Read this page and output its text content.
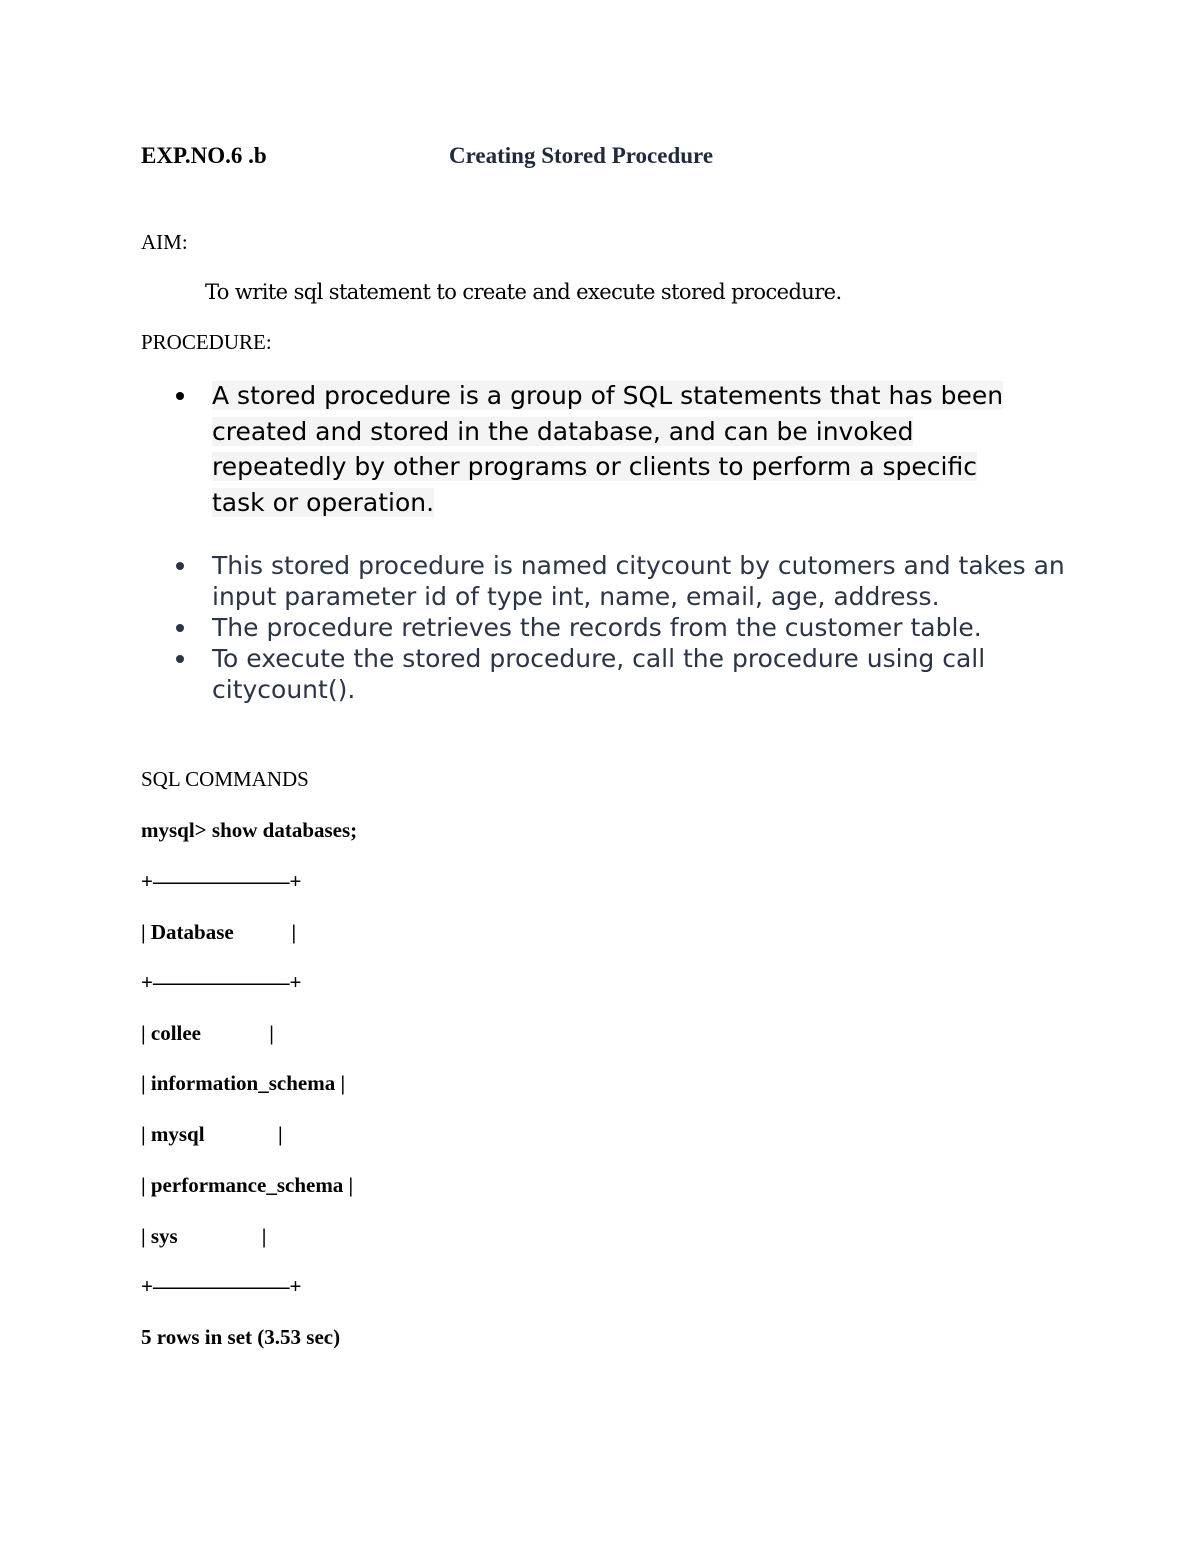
EXP.NO.6 .b	Creating Stored Procedure
AIM:
To write sql statement to create and execute stored procedure.
PROCEDURE:
A stored procedure is a group of SQL statements that has been
created and stored in the database, and can be invoked
repeatedly by other programs or clients to perform a specific
task or operation.
This stored procedure is named citycount by cutomers and takes an input parameter id of type int, name, email, age, address.
The procedure retrieves the records from the customer table.
To execute the stored procedure, call the procedure using call citycount().
SQL COMMANDS
mysql> show databases;
+——————–+
| Database           |
+——————–+
| collee             |
| information_schema |
| mysql              |
| performance_schema |
| sys                |
+——————–+
5 rows in set (3.53 sec)
